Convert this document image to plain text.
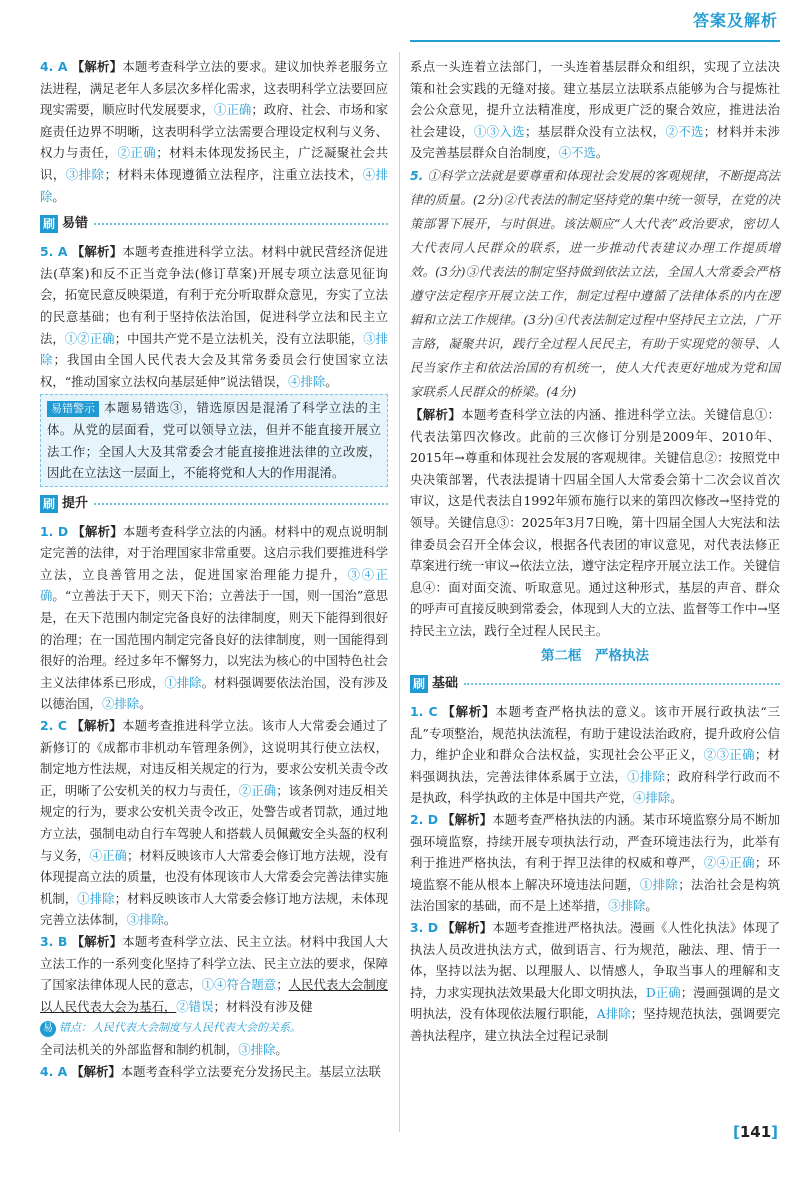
答案及解析

4. A 【解析】本题考查科学立法的要求。建议加快养老服务立法进程，满足老年人多层次多样化需求，这表明科学立法要回应现实需要，顺应时代发展要求，①正确；政府、社会、市场和家庭责任边界不明晰，这表明科学立法需要合理设定权利与义务、权力与责任，②正确；材料未体现发扬民主，广泛凝聚社会共识，③排除；材料未体现遵循立法程序，注重立法技术，④排除。

刷 易错

5. A 【解析】本题考查推进科学立法。材料中就民营经济促进法(草案)和反不正当竞争法(修订草案)开展专项立法意见征询会，拓宽民意反映渠道，有利于充分听取群众意见，夯实了立法的民意基础；也有利于坚持依法治国，促进科学立法和民主立法，①②正确；中国共产党不是立法机关，没有立法职能，③排除；我国由全国人民代表大会及其常务委员会行使国家立法权，“推动国家立法权向基层延伸”说法错误，④排除。

易错警示 本题易错选③，错选原因是混淆了科学立法的主体。从党的层面看，党可以领导立法，但并不能直接开展立法工作；全国人大及其常委会才能直接推进法律的立改废，因此在立法这一层面上，不能将党和人大的作用混淆。
刷 提升

1. D 【解析】本题考查科学立法的内涵。材料中的观点说明制定完善的法律，对于治理国家非常重要。这启示我们要推进科学立法，立良善管用之法，促进国家治理能力提升，③④正确。“立善法于天下，则天下治；立善法于一国，则一国治”意思是，在天下范围内制定完备良好的法律制度，则天下能得到很好的治理；在一国范围内制定完备良好的法律制度，则一国能得到很好的治理。经过多年不懈努力，以宪法为核心的中国特色社会主义法律体系已形成，①排除。材料强调要依法治国，没有涉及以德治国，②排除。

2. C 【解析】本题考查推进科学立法。该市人大常委会通过了新修订的《成都市非机动车管理条例》，这说明其行使立法权，制定地方性法规，对违反相关规定的行为，要求公安机关责令改正，明晰了公安机关的权力与责任，②正确；该条例对违反相关规定的行为，要求公安机关责令改正，处警告或者罚款，通过地方立法，强制电动自行车驾驶人和搭载人员佩戴安全头盔的权利与义务，④正确；材料反映该市人大常委会修订地方法规，没有体现提高立法的质量，也没有体现该市人大常委会完善法律实施机制，①排除；材料反映该市人大常委会修订地方法规，未体现完善立法体制，③排除。

3. B 【解析】本题考查科学立法、民主立法。材料中我国人大立法工作的一系列变化坚持了科学立法、民主立法的要求，保障了国家法律体现人民的意志，①④符合题意；人民代表大会制度以人民代表大会为基石，②错误；材料没有涉及健

易 错点：人民代表大会制度与人民代表大会的关系。

全司法机关的外部监督和制约机制，③排除。

4. A 【解析】本题考查科学立法要充分发扬民主。基层立法联

系点一头连着立法部门，一头连着基层群众和组织，实现了立法决策和社会实践的无缝对接。建立基层立法联系点能够为合与提炼社会公众意见，提升立法精准度，形成更广泛的聚合效应，推进法治社会建设，①③入选；基层群众没有立法权，②不选；材料并未涉及完善基层群众自治制度，④不选。

5. ①科学立法就是要尊重和体现社会发展的客观规律，不断提高法律的质量。(2分)②代表法的制定坚持党的集中统一领导，在党的决策部署下展开，与时俱进。该法顺应“人大代表”政治要求，密切人大代表同人民群众的联系，进一步推动代表建议办理工作提质增效。(3分)③代表法的制定坚持做到依法立法，全国人大常委会严格遵守法定程序开展立法工作，制定过程中遵循了法律体系的内在逻辑和立法工作规律。(3分)④代表法制定过程中坚持民主立法，广开言路，凝聚共识，践行全过程人民民主，有助于实现党的领导、人民当家作主和依法治国的有机统一，使人大代表更好地成为党和国家联系人民群众的桥梁。(4分)

【解析】本题考查科学立法的内涵、推进科学立法。关键信息①：代表法第四次修改。此前的三次修订分别是2009年、2010年、2015年→尊重和体现社会发展的客观规律。关键信息②：按照党中央决策部署，代表法提请十四届全国人大常委会第十二次会议首次审议，这是代表法自1992年颁布施行以来的第四次修改→坚持党的领导。关键信息③：2025年3月7日晚，第十四届全国人大宪法和法律委员会召开全体会议，根据各代表团的审议意见，对代表法修正草案进行统一审议→依法立法，遵守法定程序开展立法工作。关键信息④：面对面交流、听取意见。通过这种形式，基层的声音、群众的呼声可直接反映到常委会，体现到人大的立法、监督等工作中→坚持民主立法，践行全过程人民民主。

第二框　严格执法
刷 基础

1. C 【解析】本题考查严格执法的意义。该市开展行政执法“三乱”专项整治，规范执法流程，有助于建设法治政府，提升政府公信力，维护企业和群众合法权益，实现社会公平正义，②③正确；材料强调执法，完善法律体系属于立法，①排除；政府科学行政而不是执政，科学执政的主体是中国共产党，④排除。

2. D 【解析】本题考查严格执法的内涵。某市环境监察分局不断加强环境监察，持续开展专项执法行动，严查环境违法行为，此举有利于推进严格执法，有利于捍卫法律的权威和尊严，②④正确；环境监察不能从根本上解决环境违法问题，①排除；法治社会是构筑法治国家的基础，而不是上述举措，③排除。

3. D 【解析】本题考查推进严格执法。漫画《人性化执法》体现了执法人员改进执法方式，做到语言、行为规范，融法、理、情于一体，坚持以法为据、以理服人、以情感人，争取当事人的理解和支持，力求实现执法效果最大化即文明执法，D正确；漫画强调的是文明执法，没有体现依法履行职能，A排除；坚持规范执法，强调要完善执法程序，建立执法全过程记录制

[141]
